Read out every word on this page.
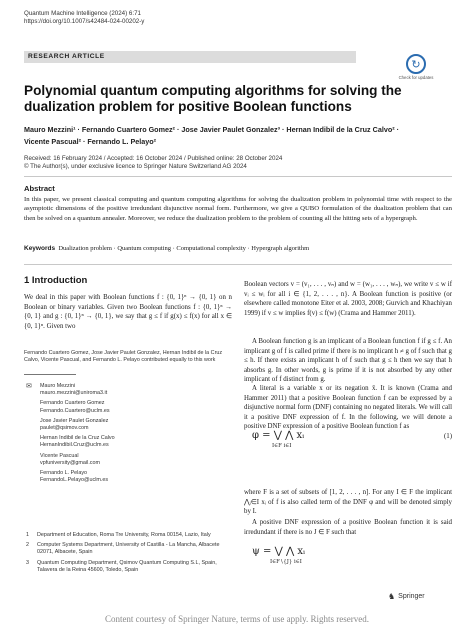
Quantum Machine Intelligence (2024) 6:71
https://doi.org/10.1007/s42484-024-00202-y
RESEARCH ARTICLE
↻
Check for updates
Polynomial quantum computing algorithms for solving the dualization problem for positive Boolean functions
Mauro Mezzini¹ · Fernando Cuartero Gomez² · Jose Javier Paulet Gonzalez³ · Hernan Indibil de la Cruz Calvo² ·
Vicente Pascual² · Fernando L. Pelayo²
Received: 16 February 2024 / Accepted: 16 October 2024 / Published online: 28 October 2024
© The Author(s), under exclusive licence to Springer Nature Switzerland AG 2024
Abstract
In this paper, we present classical computing and quantum computing algorithms for solving the dualization problem in polynomial time with respect to the asymptotic dimensions of the positive irredundant disjunctive normal form. Furthermore, we give a QUBO formulation of the dualization problem that can then be solved on a quantum annealer. Moreover, we reduce the dualization problem to the problem of counting all the hitting sets of a hypergraph.
Keywords Dualization problem · Quantum computing · Computational complexity · Hypergraph algorithm
1 Introduction
We deal in this paper with Boolean functions f : {0, 1}ⁿ → {0, 1} on n Boolean or binary variables. Given two Boolean functions f : {0, 1}ⁿ → {0, 1} and g : {0, 1}ⁿ → {0, 1}, we say that g ≤ f if g(x) ≤ f(x) for all x ∈ {0, 1}ⁿ. Given two
Fernando Cuartero Gomez, Jose Javier Paulet Gonzalez, Hernan Indibil de la Cruz Calvo, Vicente Pascual, and Fernando L. Pelayo contributed equally to this work
✉ Mauro Mezzini
mauro.mezzini@uniroma3.it
Fernando Cuartero Gomez
Fernando.Cuartero@uclm.es
Jose Javier Paulet Gonzalez
paulet@qsimov.com
Hernan Indibil de la Cruz Calvo
HernanIndibil.Cruz@uclm.es
Vicente Pascual
vpfuniversity@gmail.com
Fernando L. Pelayo
FernandoL.Pelayo@uclm.es
1 Department of Education, Roma Tre University, Roma 00154, Lazio, Italy
2 Computer Systems Department, University of Castilla - La Mancha, Albacete 02071, Albacete, Spain
3 Quantum Computing Department, Qsimov Quantum Computing S.L, Spain, Talavera de la Reina 45600, Toledo, Spain
Boolean vectors v = (v₁, . . . , vₙ) and w = (w₁, . . . , wₙ), we write v ≤ w if vᵢ ≤ wᵢ for all i ∈ {1, 2, . . . , n}. A Boolean function is positive (or elsewhere called monotone Eiter et al. 2003, 2008; Gurvich and Khachiyan 1999) if v ≤ w implies f(v) ≤ f(w) (Crama and Hammer 2011).
A Boolean function g is an implicant of a Boolean function f if g ≤ f. An implicant g of f is called prime if there is no implicant h ≠ g of f such that g ≤ h. If there exists an implicant h of f such that g ≤ h then we say that h absorbs g. In other words, g is prime if it is not absorbed by any other implicant of f distinct from g.
A literal is a variable x or its negation x̄. It is known (Crama and Hammer 2011) that a positive Boolean function f can be expressed by a disjunctive normal form (DNF) containing no negated literals. We will call it a positive DNF expression of f. In the following, we will denote a positive DNF expression of a positive Boolean function f as
φ = ⋁ ⋀ xᵢ
I∈F i∈I
(1)
where F is a set of subsets of [1, 2, . . . , n]. For any I ∈ F the implicant ⋀ᵢ∈I xᵢ of f is also called term of the DNF φ and will be denoted simply by I.
A positive DNF expression of a positive Boolean function it is said irredundant if there is no J ∈ F such that
ψ = ⋁ ⋀ xᵢ
I∈F∖{J} i∈I
♞ Springer
Content courtesy of Springer Nature, terms of use apply. Rights reserved.
